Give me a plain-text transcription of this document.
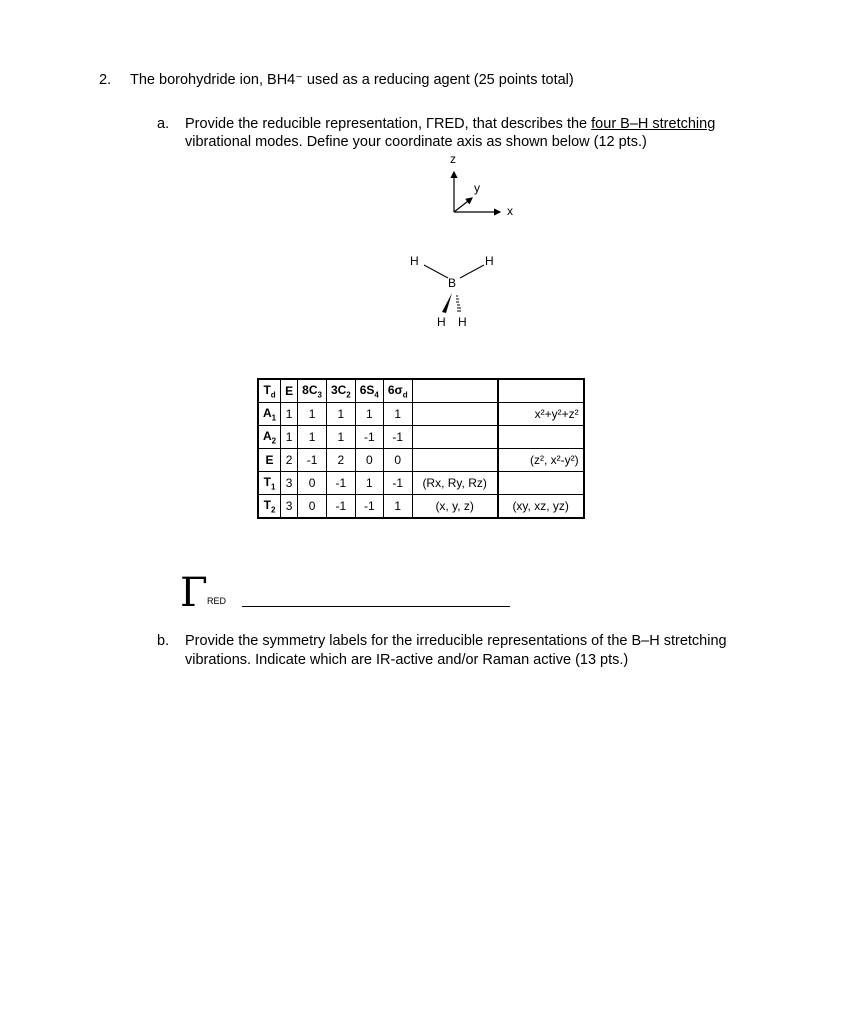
2. The borohydride ion, BH4⁻ used as a reducing agent (25 points total)
a. Provide the reducible representation, ΓRED, that describes the four B–H stretching
vibrational modes. Define your coordinate axis as shown below (12 pts.)
z
y
x
H	H
B
H H
$T_d$	E	$8C_3$	$3C_2$	$6S_4$	$6\sigma_d$		
$A_1$	1	1	1	1	1		x²+y²+z²
$A_2$	1	1	1	-1	-1		
E	2	-1	2	0	0		(z², x²-y²)
$T_1$	3	0	-1	1	-1	(Rx, Ry, Rz)	
$T_2$	3	0	-1	-1	1	(x, y, z)	(xy, xz, yz)
Γ RED
b. Provide the symmetry labels for the irreducible representations of the B–H stretching
vibrations. Indicate which are IR-active and/or Raman active (13 pts.)
